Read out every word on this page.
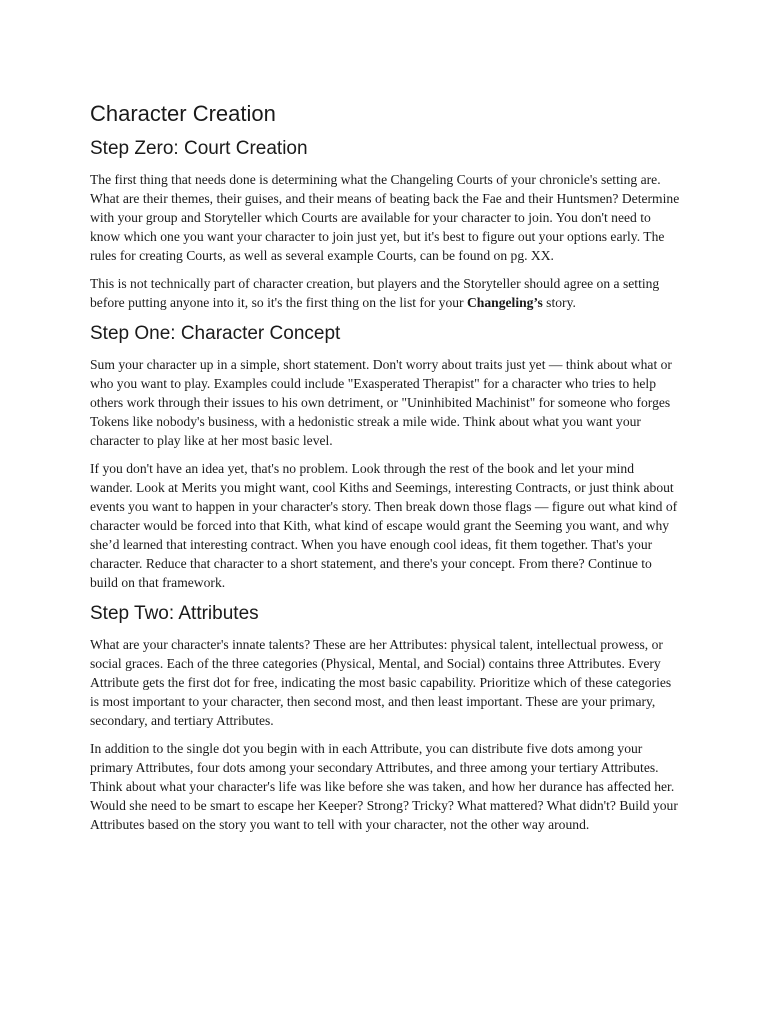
Character Creation
Step Zero: Court Creation

The first thing that needs done is determining what the Changeling Courts of your chronicle's setting are. What are their themes, their guises, and their means of beating back the Fae and their Huntsmen? Determine with your group and Storyteller which Courts are available for your character to join. You don't need to know which one you want your character to join just yet, but it's best to figure out your options early. The rules for creating Courts, as well as several example Courts, can be found on pg. XX.

This is not technically part of character creation, but players and the Storyteller should agree on a setting before putting anyone into it, so it's the first thing on the list for your Changeling’s story.

Step One: Character Concept

Sum your character up in a simple, short statement. Don't worry about traits just yet — think about what or who you want to play. Examples could include "Exasperated Therapist" for a character who tries to help others work through their issues to his own detriment, or "Uninhibited Machinist" for someone who forges Tokens like nobody's business, with a hedonistic streak a mile wide. Think about what you want your character to play like at her most basic level.

If you don't have an idea yet, that's no problem. Look through the rest of the book and let your mind wander. Look at Merits you might want, cool Kiths and Seemings, interesting Contracts, or just think about events you want to happen in your character's story. Then break down those flags — figure out what kind of character would be forced into that Kith, what kind of escape would grant the Seeming you want, and why she’d learned that interesting contract. When you have enough cool ideas, fit them together. That's your character. Reduce that character to a short statement, and there's your concept. From there? Continue to build on that framework.

Step Two: Attributes

What are your character's innate talents? These are her Attributes: physical talent, intellectual prowess, or social graces. Each of the three categories (Physical, Mental, and Social) contains three Attributes. Every Attribute gets the first dot for free, indicating the most basic capability. Prioritize which of these categories is most important to your character, then second most, and then least important. These are your primary, secondary, and tertiary Attributes.

In addition to the single dot you begin with in each Attribute, you can distribute five dots among your primary Attributes, four dots among your secondary Attributes, and three among your tertiary Attributes. Think about what your character's life was like before she was taken, and how her durance has affected her. Would she need to be smart to escape her Keeper? Strong? Tricky? What mattered? What didn't? Build your Attributes based on the story you want to tell with your character, not the other way around.
